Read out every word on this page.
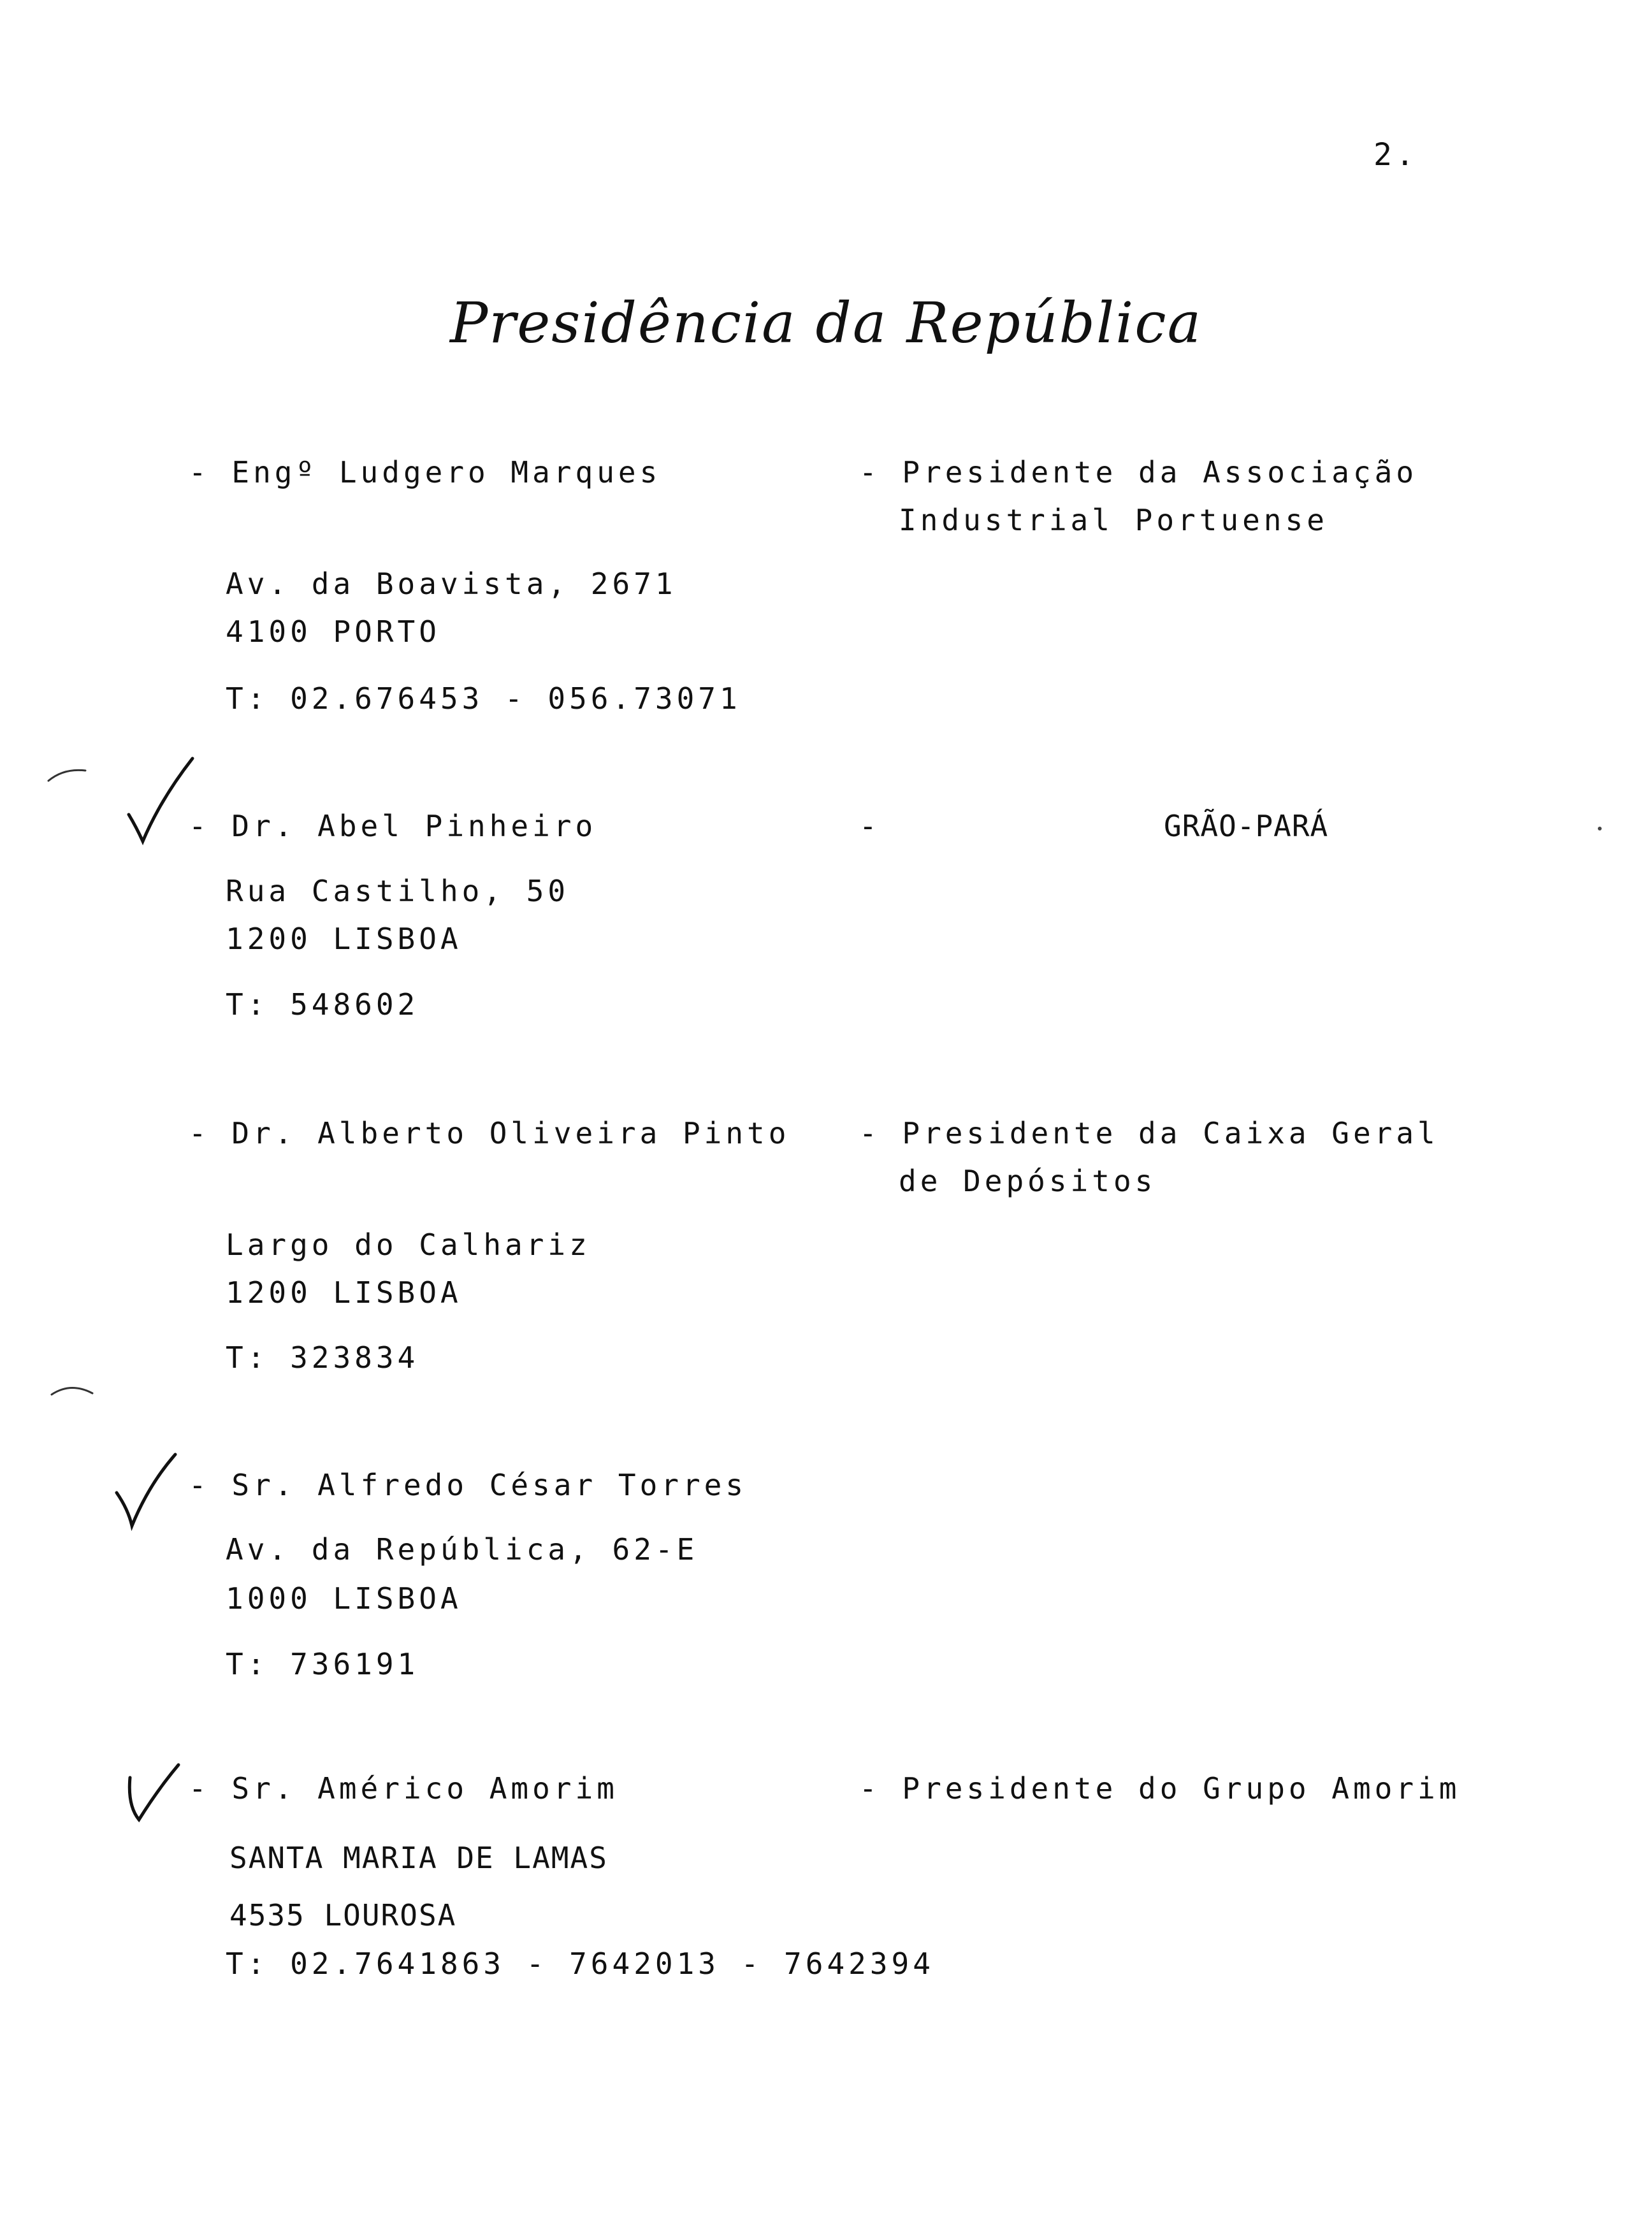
2.
Presidência da República
- Engº Ludgero Marques	- Presidente da Associação
Industrial Portuense
Av. da Boavista, 2671
4100 PORTO
T: 02.676453 - 056.73071
- Dr. Abel Pinheiro	-	GRÃO-PARÁ
Rua Castilho, 50
1200 LISBOA
T: 548602
- Dr. Alberto Oliveira Pinto - Presidente da Caixa Geral
de Depósitos
Largo do Calhariz
1200 LISBOA
T: 323834
- Sr. Alfredo César Torres
Av. da República, 62-E
1000 LISBOA
T: 736191
- Sr. Américo Amorim	- Presidente do Grupo Amorim
SANTA MARIA DE LAMAS
4535 LOUROSA
T: 02.7641863 - 7642013 - 7642394
